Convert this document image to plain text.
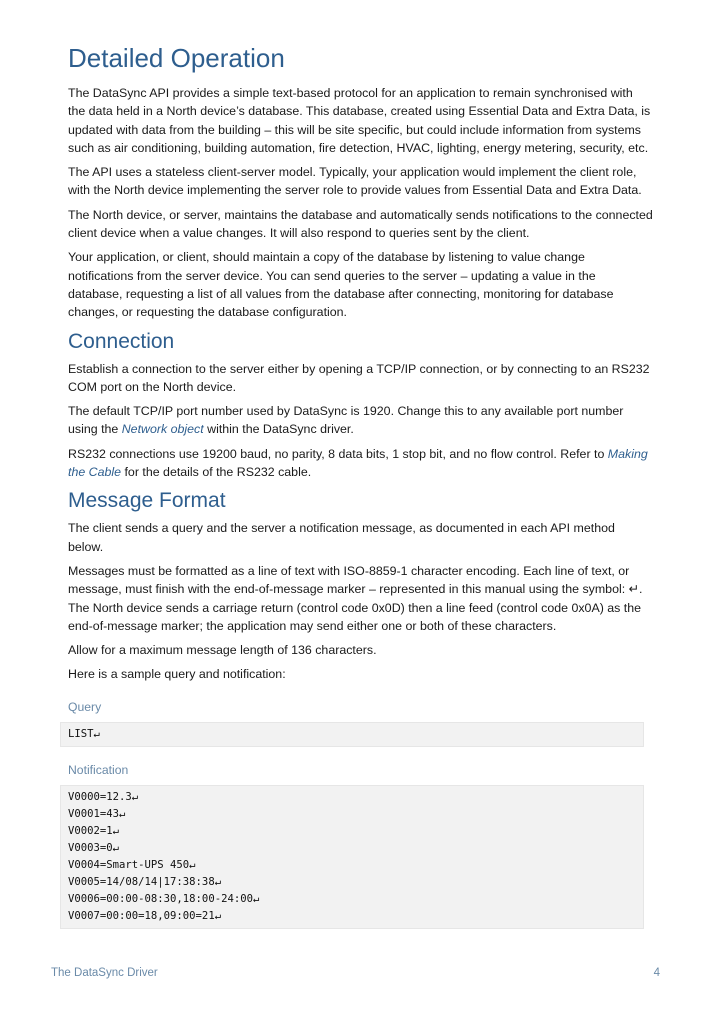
Detailed Operation

The DataSync API provides a simple text-based protocol for an application to remain synchronised with the data held in a North device’s database. This database, created using Essential Data and Extra Data, is updated with data from the building – this will be site specific, but could include information from systems such as air conditioning, building automation, fire detection, HVAC, lighting, energy metering, security, etc.

The API uses a stateless client-server model. Typically, your application would implement the client role, with the North device implementing the server role to provide values from Essential Data and Extra Data.

The North device, or server, maintains the database and automatically sends notifications to the connected client device when a value changes. It will also respond to queries sent by the client.

Your application, or client, should maintain a copy of the database by listening to value change notifications from the server device. You can send queries to the server – updating a value in the database, requesting a list of all values from the database after connecting, monitoring for database changes, or requesting the database configuration.

Connection

Establish a connection to the server either by opening a TCP/IP connection, or by connecting to an RS232 COM port on the North device.

The default TCP/IP port number used by DataSync is 1920. Change this to any available port number using the Network object within the DataSync driver.

RS232 connections use 19200 baud, no parity, 8 data bits, 1 stop bit, and no flow control. Refer to Making the Cable for the details of the RS232 cable.

Message Format

The client sends a query and the server a notification message, as documented in each API method below.

Messages must be formatted as a line of text with ISO-8859-1 character encoding. Each line of text, or message, must finish with the end-of-message marker – represented in this manual using the symbol: ↵. The North device sends a carriage return (control code 0x0D) then a line feed (control code 0x0A) as the end-of-message marker; the application may send either one or both of these characters.

Allow for a maximum message length of 136 characters.

Here is a sample query and notification:

Query
LIST↵
Notification
V0000=12.3↵
V0001=43↵
V0002=1↵
V0003=0↵
V0004=Smart-UPS 450↵
V0005=14/08/14|17:38:38↵
V0006=00:00-08:30,18:00-24:00↵
V0007=00:00=18,09:00=21↵
The DataSync Driver	4
